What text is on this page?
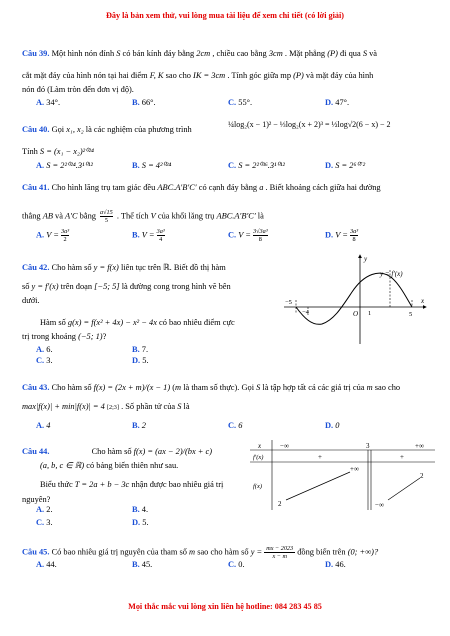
Đây là bản xem thử, vui lòng mua tài liệu để xem chi tiết (có lời giải)
Câu 39. Một hình nón đỉnh S có bán kính đáy bằng 2cm , chiều cao bằng 3cm . Mặt phẳng (P) đi qua S và
cắt mặt đáy của hình nón tại hai điểm F, K sao cho IK = 3cm . Tính góc giữa mp (P) và mặt đáy của hình
nón đó (Làm tròn đến đơn vị độ).
A. 34°.	B. 66°.	C. 55°.	D. 47°.
Câu 40. Gọi x₁, x₂ là các nghiệm của phương trình
¼log₂(x − 1)² − ⅓log₂(x + 2)³ = ½log√2(6 − x) − 2
Tính S = (x₁ − x₂)²⁰²⁴
A. S = 2²⁰²⁴.3¹⁰¹²	B. S = 4²⁰²⁴	C. S = 2²⁰³⁶.3¹⁰¹²	D. S = 2⁶⁰⁷²
Câu 41. Cho hình lăng trụ tam giác đều ABC.A′B′C′ có cạnh đáy bằng a . Biết khoảng cách giữa hai đường
thẳng AB và A′C bằng $\frac{a√15}{5}$ . Thể tích V của khối lăng trụ ABC.A′B′C′ là
A. $V = \frac{\text{3a³}}{2}$	B. $V = \frac{\text{3a³}}{4}$	C. $V = \frac{\text{3√3a³}}{8}$	D. $V = \frac{\text{3a³}}{8}$
Câu 42. Cho hàm số y = f(x) liên tục trên ℝ. Biết đồ thị hàm
số y = f′(x) trên đoạn [−5; 5] là đường cong trong hình vẽ bên
dưới.
Hàm số g(x) = f(x² + 4x) − x² − 4x có bao nhiêu điểm cực
trị trong khoảng (−5; 1)?
y
x
O
−5
−4	1	5
y = f′(x)
A. 6.	B. 7.
C. 3.	D. 5.
Câu 43. Cho hàm số f(x) = (2x + m)/(x − 1) (m là tham số thực). Gọi S là tập hợp tất cả các giá trị của m sao cho
max|f(x)| + min|f(x)| = 4 [2;3] . Số phần tử của S là
A. 4	B. 2	C. 6	D. 0
Câu 44.	Cho hàm số f(x) = (ax − 2)/(bx + c)
(a, b, c ∈ ℝ) có bảng biến thiên như sau.
Biểu thức T = 2a + b − 3c nhận được bao nhiêu giá trị
nguyên?
x
f′(x)
f(x)
−∞	3	+∞
+	+
2
+∞
−∞
2
A. 2.	B. 4.
C. 3.	D. 5.
Câu 45. Có bao nhiêu giá trị nguyên của tham số m sao cho hàm số $y = \frac{mx - 2023}{x - m}$ đồng biến trên (0; +∞)?
A. 44.	B. 45.	C. 0.	D. 46.
Mọi thắc mắc vui lòng xin liên hệ hotline: 084 283 45 85
